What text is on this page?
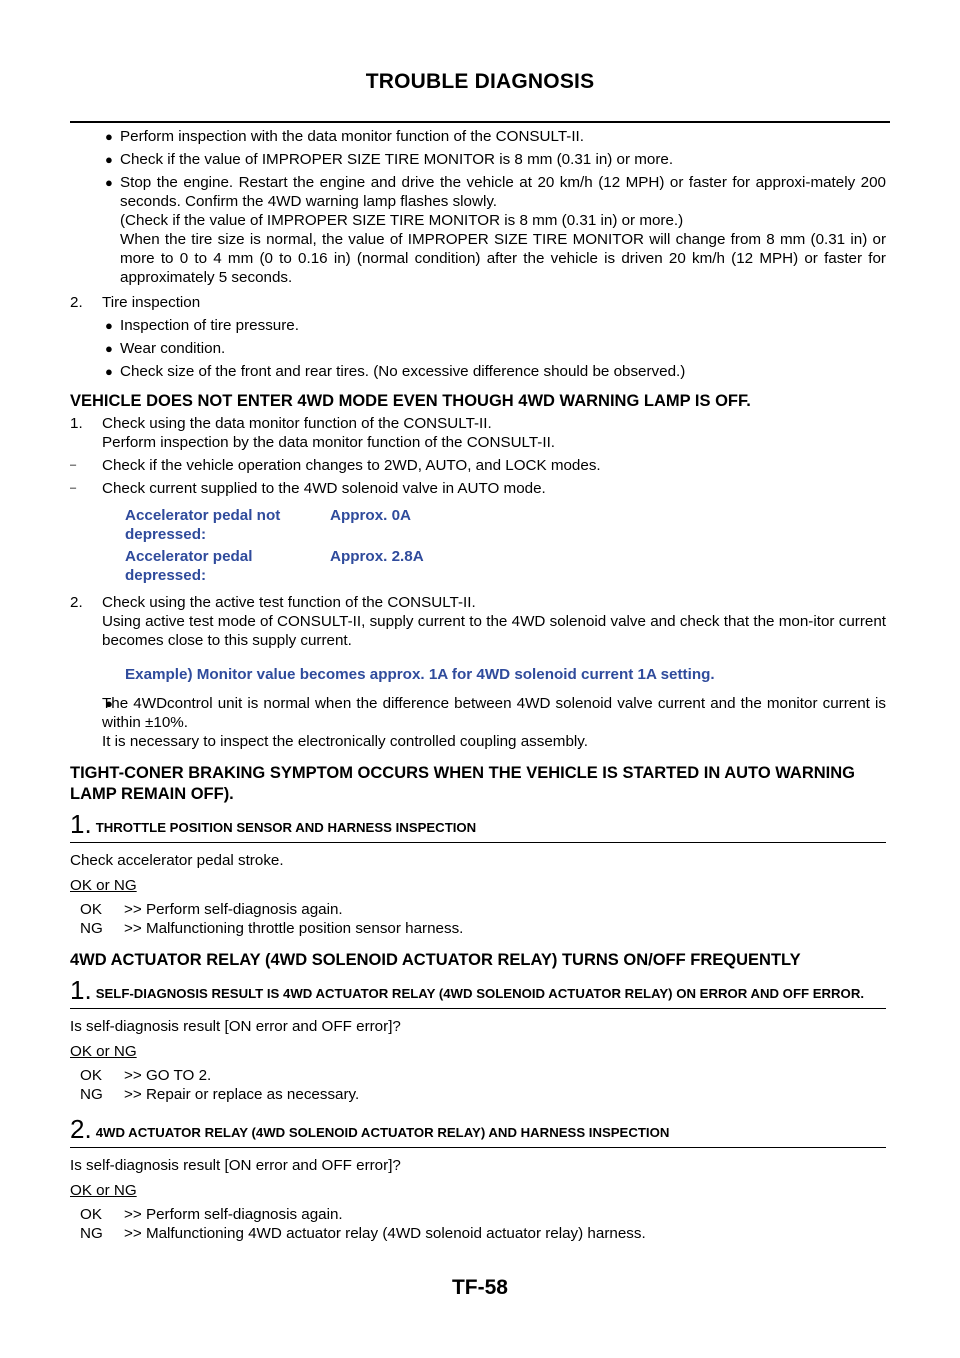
TROUBLE DIAGNOSIS
● Perform inspection with the data monitor function of the CONSULT-II.
● Check if the value of IMPROPER SIZE TIRE MONITOR is 8 mm (0.31 in) or more.
● Stop the engine. Restart the engine and drive the vehicle at 20 km/h (12 MPH) or faster for approxi-mately 200 seconds. Confirm the 4WD warning lamp flashes slowly.
(Check if the value of IMPROPER SIZE TIRE MONITOR is 8 mm (0.31 in) or more.)
When the tire size is normal, the value of IMPROPER SIZE TIRE MONITOR will change from 8 mm (0.31 in) or more to 0 to 4 mm (0 to 0.16 in) (normal condition) after the vehicle is driven 20 km/h (12 MPH) or faster for approximately 5 seconds.
2. Tire inspection
● Inspection of tire pressure.
● Wear condition.
● Check size of the front and rear tires. (No excessive difference should be observed.)
VEHICLE DOES NOT ENTER 4WD MODE EVEN THOUGH 4WD WARNING LAMP IS OFF.
1. Check using the data monitor function of the CONSULT-II.
Perform inspection by the data monitor function of the CONSULT-II.
– Check if the vehicle operation changes to 2WD, AUTO, and LOCK modes.
– Check current supplied to the 4WD solenoid valve in AUTO mode.
Accelerator pedal not depressed:
Approx. 0A
Accelerator pedal depressed:
Approx. 2.8A
2. Check using the active test function of the CONSULT-II.
Using active test mode of CONSULT-II, supply current to the 4WD solenoid valve and check that the mon-itor current becomes close to this supply current.
Example) Monitor value becomes approx. 1A for 4WD solenoid current 1A setting.
● The 4WDcontrol unit is normal when the difference between 4WD solenoid valve current and the monitor current is within ±10%.
It is necessary to inspect the electronically controlled coupling assembly.
TIGHT-CONER BRAKING SYMPTOM OCCURS WHEN THE VEHICLE IS STARTED IN AUTO WARNING LAMP REMAIN OFF).
1. THROTTLE POSITION SENSOR AND HARNESS INSPECTION
Check accelerator pedal stroke.
OK or NG
OK	>> Perform self-diagnosis again.
NG	>> Malfunctioning throttle position sensor harness.
4WD ACTUATOR RELAY (4WD SOLENOID ACTUATOR RELAY) TURNS ON/OFF FREQUENTLY
1. SELF-DIAGNOSIS RESULT IS 4WD ACTUATOR RELAY (4WD SOLENOID ACTUATOR RELAY) ON ERROR AND OFF ERROR.
Is self-diagnosis result [ON error and OFF error]?
OK or NG
OK	>> GO TO 2.
NG	>> Repair or replace as necessary.
2. 4WD ACTUATOR RELAY (4WD SOLENOID ACTUATOR RELAY) AND HARNESS INSPECTION
Is self-diagnosis result [ON error and OFF error]?
OK or NG
OK	>> Perform self-diagnosis again.
NG	>> Malfunctioning 4WD actuator relay (4WD solenoid actuator relay) harness.
TF-58
